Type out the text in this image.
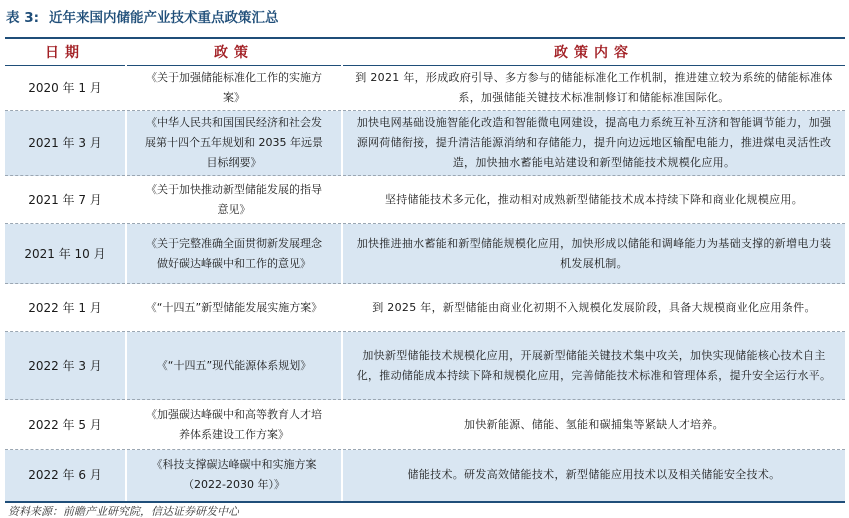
表 3: 近年来国内储能产业技术重点政策汇总
日期	政策	政策内容
2020 年 1 月	《关于加强储能标准化工作的实施方案》	到 2021 年，形成政府引导、多方参与的储能标准化工作机制，推进建立较为系统的储能标准体系，加强储能关键技术标准制修订和储能标准国际化。
2021 年 3 月	《中华人民共和国国民经济和社会发展第十四个五年规划和 2035 年远景目标纲要》	加快电网基础设施智能化改造和智能微电网建设，提高电力系统互补互济和智能调节能力，加强源网荷储衔接，提升清洁能源消纳和存储能力，提升向边远地区输配电能力，推进煤电灵活性改造，加快抽水蓄能电站建设和新型储能技术规模化应用。
2021 年 7 月	《关于加快推动新型储能发展的指导意见》	坚持储能技术多元化，推动相对成熟新型储能技术成本持续下降和商业化规模应用。
2021 年 10 月	《关于完整准确全面贯彻新发展理念做好碳达峰碳中和工作的意见》	加快推进抽水蓄能和新型储能规模化应用，加快形成以储能和调峰能力为基础支撑的新增电力装机发展机制。
2022 年 1 月	《“十四五”新型储能发展实施方案》	到 2025 年，新型储能由商业化初期不入规模化发展阶段，具备大规模商业化应用条件。
2022 年 3 月	《“十四五”现代能源体系规划》	加快新型储能技术规模化应用，开展新型储能关键技术集中攻关，加快实现储能核心技术自主化，推动储能成本持续下降和规模化应用，完善储能技术标准和管理体系，提升安全运行水平。
2022 年 5 月	《加强碳达峰碳中和高等教育人才培养体系建设工作方案》	加快新能源、储能、氢能和碳捕集等紧缺人才培养。
2022 年 6 月	《科技支撑碳达峰碳中和实施方案（2022-2030 年）》	储能技术。研发高效储能技术，新型储能应用技术以及相关储能安全技术。
资料来源：前瞻产业研究院，信达证券研发中心
